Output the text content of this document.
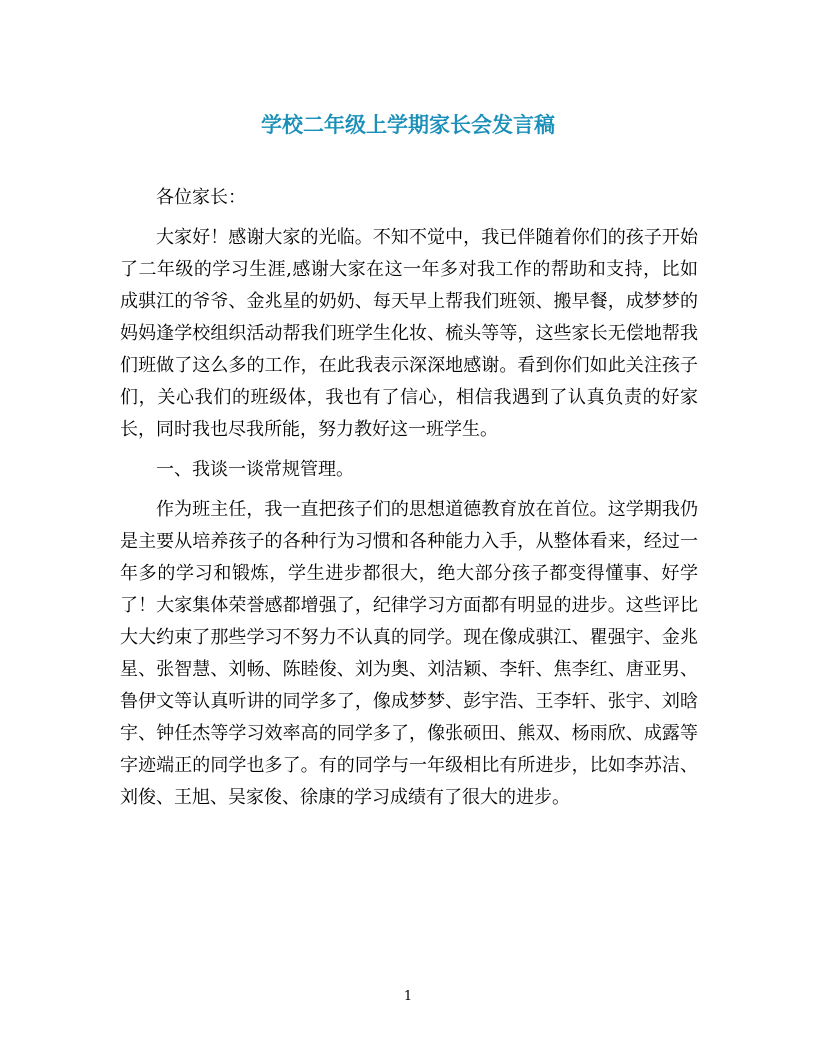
学校二年级上学期家长会发言稿

各位家长：

大家好！感谢大家的光临。不知不觉中，我已伴随着你们的孩子开始了二年级的学习生涯,感谢大家在这一年多对我工作的帮助和支持，比如成骐江的爷爷、金兆星的奶奶、每天早上帮我们班领、搬早餐，成梦梦的妈妈逢学校组织活动帮我们班学生化妆、梳头等等，这些家长无偿地帮我们班做了这么多的工作，在此我表示深深地感谢。看到你们如此关注孩子们，关心我们的班级体，我也有了信心，相信我遇到了认真负责的好家长，同时我也尽我所能，努力教好这一班学生。

一、我谈一谈常规管理。

作为班主任，我一直把孩子们的思想道德教育放在首位。这学期我仍是主要从培养孩子的各种行为习惯和各种能力入手，从整体看来，经过一年多的学习和锻炼，学生进步都很大，绝大部分孩子都变得懂事、好学了！大家集体荣誉感都增强了，纪律学习方面都有明显的进步。这些评比大大约束了那些学习不努力不认真的同学。现在像成骐江、瞿强宇、金兆星、张智慧、刘畅、陈睦俊、刘为奥、刘洁颖、李轩、焦李红、唐亚男、鲁伊文等认真听讲的同学多了，像成梦梦、彭宇浩、王李轩、张宇、刘晗宇、钟任杰等学习效率高的同学多了，像张硕田、熊双、杨雨欣、成露等字迹端正的同学也多了。有的同学与一年级相比有所进步，比如李苏洁、刘俊、王旭、吴家俊、徐康的学习成绩有了很大的进步。

1
